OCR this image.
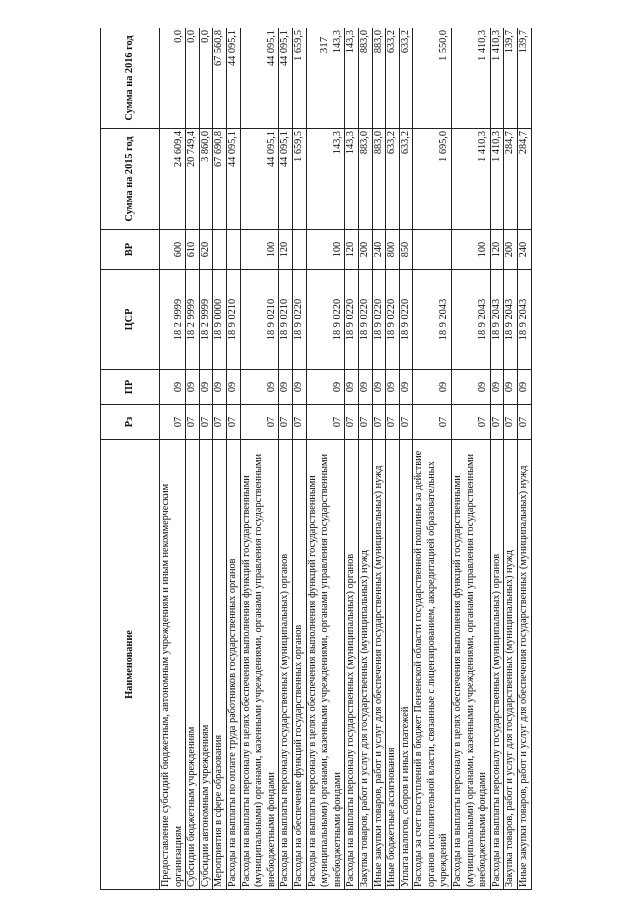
317
Наименование	Рз	ПР	ЦСР	ВР	Сумма на 2015 год	Сумма на 2016 год
Предоставление субсидий бюджетным, автономным учреждениям и иным некоммерческим организациям	07	09	18 2 9999	600	24 609,4	0,0
Субсидии бюджетным учреждениям	07	09	18 2 9999	610	20 749,4	0,0
Субсидии автономным учреждениям	07	09	18 2 9999	620	3 860,0	0,0
Мероприятия в сфере образования	07	09	18 9 0000		67 690,8	67 560,8
Расходы на выплаты по оплате труда работников государственных органов	07	09	18 9 0210		44 095,1	44 095,1
Расходы на выплаты персоналу в целях обеспечения выполнения функций государственными (муниципальными) органами, казенными учреждениями, органами управления государственными внебюджетными фондами	07	09	18 9 0210	100	44 095,1	44 095,1
Расходы на выплаты персоналу государственных (муниципальных) органов	07	09	18 9 0210	120	44 095,1	44 095,1
Расходы на обеспечение функций государственных органов	07	09	18 9 0220		1 659,5	1 659,5
Расходы на выплаты персоналу в целях обеспечения выполнения функций государственными (муниципальными) органами, казенными учреждениями, органами управления государственными внебюджетными фондами	07	09	18 9 0220	100	143,3	143,3
Расходы на выплаты персоналу государственных (муниципальных) органов	07	09	18 9 0220	120	143,3	143,3
Закупка товаров, работ и услуг для государственных (муниципальных) нужд	07	09	18 9 0220	200	883,0	883,0
Иные закупки товаров, работ и услуг для обеспечения государственных (муниципальных) нужд	07	09	18 9 0220	240	883,0	883,0
Иные бюджетные ассигнования	07	09	18 9 0220	800	633,2	633,2
Уплата налогов, сборов и иных платежей	07	09	18 9 0220	850	633,2	633,2
Расходы за счет поступлений в бюджет Пензенской области государственной пошлины за действие органов исполнительной власти, связанные с лицензированием, аккредитацией образовательных учреждений	07	09	18 9 2043		1 695,0	1 550,0
Расходы на выплаты персоналу в целях обеспечения выполнения функций государственными (муниципальными) органами, казенными учреждениями, органами управления государственными внебюджетными фондами	07	09	18 9 2043	100	1 410,3	1 410,3
Расходы на выплаты персоналу государственных (муниципальных) органов	07	09	18 9 2043	120	1 410,3	1 410,3
Закупка товаров, работ и услуг для государственных (муниципальных) нужд	07	09	18 9 2043	200	284,7	139,7
Иные закупки товаров, работ и услуг для обеспечения государственных (муниципальных) нужд	07	09	18 9 2043	240	284,7	139,7
